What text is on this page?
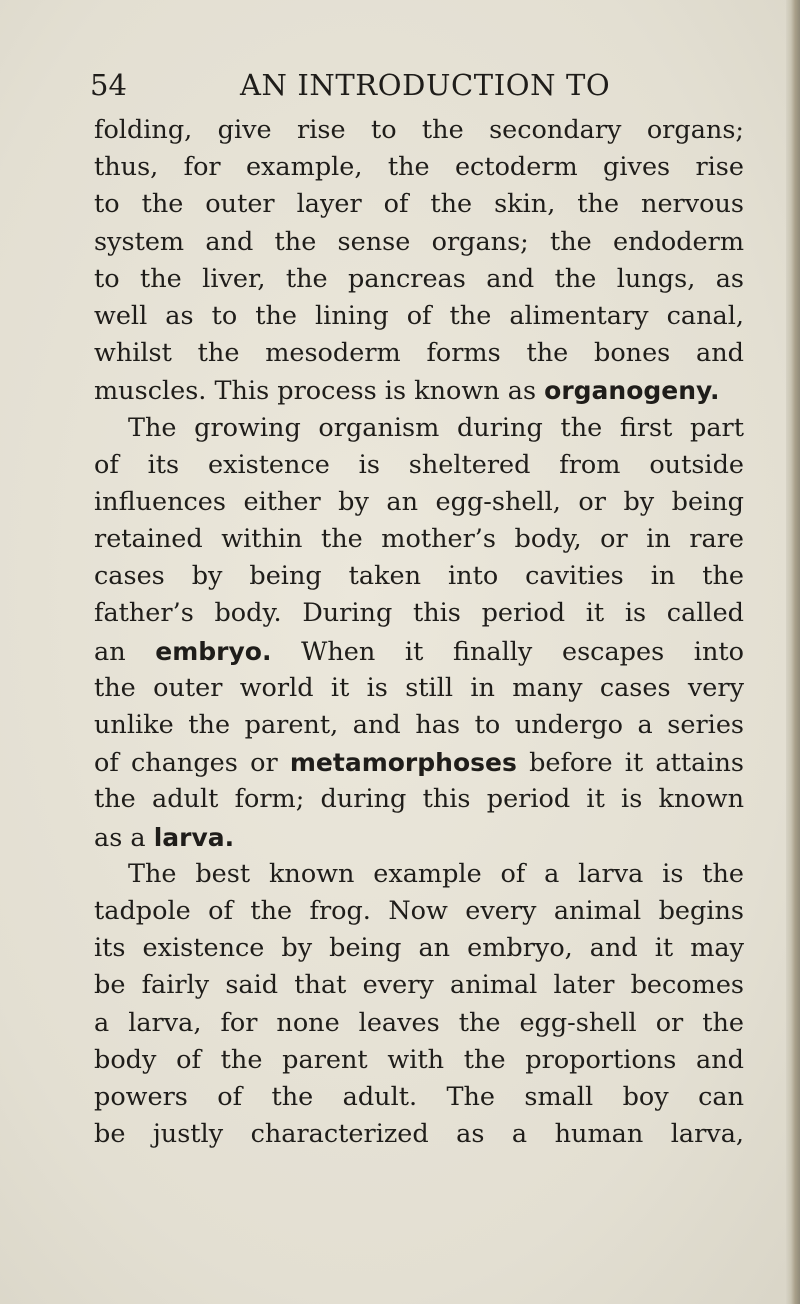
54	AN INTRODUCTION TO
folding, give rise to the secondary organs;
thus, for example, the ectoderm gives rise
to the outer layer of the skin, the nervous
system and the sense organs; the endoderm
to the liver, the pancreas and the lungs, as
well as to the lining of the alimentary canal,
whilst the mesoderm forms the bones and
muscles. This process is known as organogeny.
The growing organism during the first part
of its existence is sheltered from outside
influences either by an egg-shell, or by being
retained within the mother’s body, or in rare
cases by being taken into cavities in the
father’s body. During this period it is called
an embryo. When it finally escapes into
the outer world it is still in many cases very
unlike the parent, and has to undergo a series
of changes or metamorphoses before it attains
the adult form; during this period it is known
as a larva.
The best known example of a larva is the
tadpole of the frog. Now every animal begins
its existence by being an embryo, and it may
be fairly said that every animal later becomes
a larva, for none leaves the egg-shell or the
body of the parent with the proportions and
powers of the adult. The small boy can
be justly characterized as a human larva,
